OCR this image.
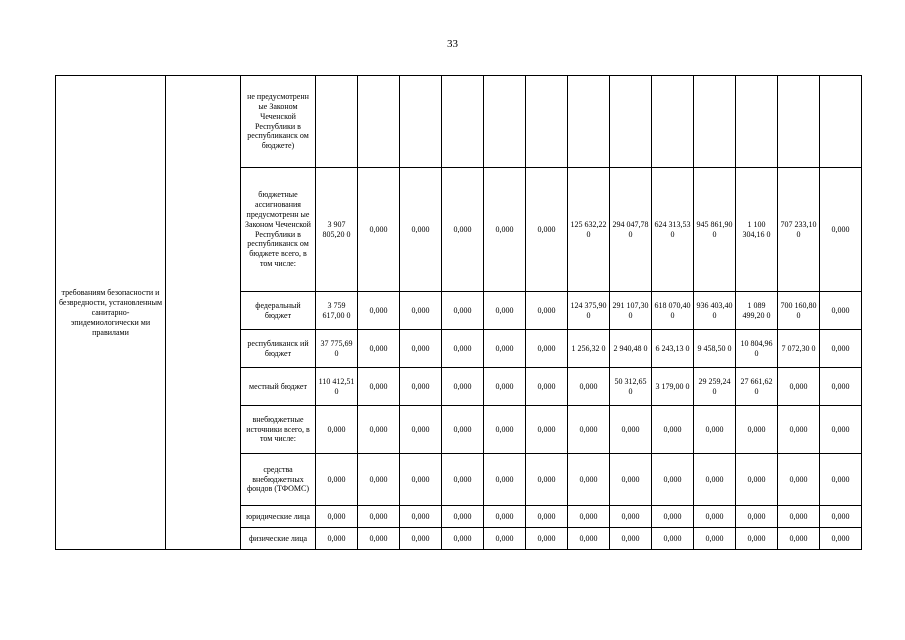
33
требованиям безопасности и безвредности, установленным санитарно-эпидемиологически ми правилами		не предусмотренн ые Законом Чеченской Республики в республиканск ом бюджете)													
		бюджетные ассигнования предусмотренн ые Законом Чеченской Республики в республиканск ом бюджете всего, в том числе:	3 907 805,20 0	0,000	0,000	0,000	0,000	0,000	125 632,22 0	294 047,78 0	624 313,53 0	945 861,90 0	1 100 304,16 0	707 233,10 0	0,000
		федеральный бюджет	3 759 617,00 0	0,000	0,000	0,000	0,000	0,000	124 375,90 0	291 107,30 0	618 070,40 0	936 403,40 0	1 089 499,20 0	700 160,80 0	0,000
		республиканск ий бюджет	37 775,69 0	0,000	0,000	0,000	0,000	0,000	1 256,32 0	2 940,48 0	6 243,13 0	9 458,50 0	10 804,96 0	7 072,30 0	0,000
		местный бюджет	110 412,51 0	0,000	0,000	0,000	0,000	0,000	0,000	50 312,65 0	3 179,00 0	29 259,24 0	27 661,62 0	0,000	0,000
		внебюджетные источники всего, в том числе:	0,000	0,000	0,000	0,000	0,000	0,000	0,000	0,000	0,000	0,000	0,000	0,000	0,000
		средства внебюджетных фондов (ТФОМС)	0,000	0,000	0,000	0,000	0,000	0,000	0,000	0,000	0,000	0,000	0,000	0,000	0,000
		юридические лица	0,000	0,000	0,000	0,000	0,000	0,000	0,000	0,000	0,000	0,000	0,000	0,000	0,000
		физические лица	0,000	0,000	0,000	0,000	0,000	0,000	0,000	0,000	0,000	0,000	0,000	0,000	0,000
